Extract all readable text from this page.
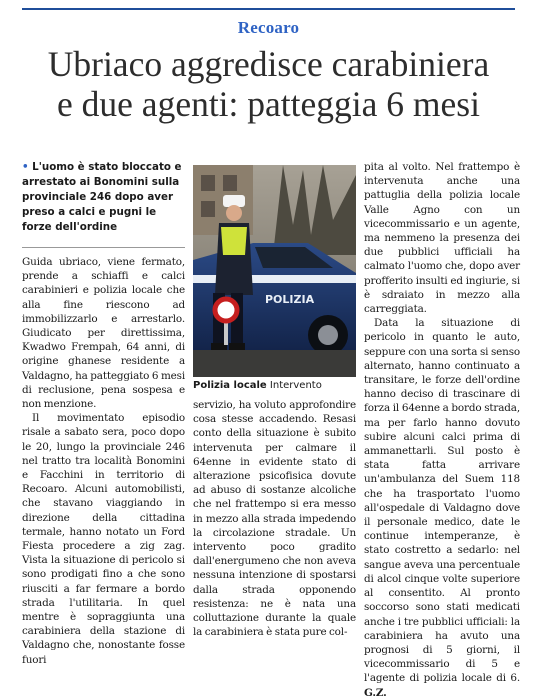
Recoaro
Ubriaco aggredisce carabiniera
e due agenti: patteggia 6 mesi
• L'uomo è stato bloccato e arrestato ai Bonomini sulla provinciale 246 dopo aver preso a calci e pugni le forze dell'ordine
POLIZIA
Polizia locale Intervento

Guida ubriaco, viene fermato, prende a schiaffi e calci carabinieri e polizia locale che alla fine riescono ad immobilizzarlo e arrestarlo. Giudicato per direttissima, Kwadwo Frempah, 64 anni, di origine ghanese residente a Valdagno, ha patteggiato 6 mesi di reclusione, pena sospesa e non menzione.

Il movimentato episodio risale a sabato sera, poco dopo le 20, lungo la provinciale 246 nel tratto tra località Bonomini e Facchini in territorio di Recoaro. Alcuni automobilisti, che stavano viaggiando in direzione della cittadina termale, hanno notato un Ford Fiesta procedere a zig zag. Vista la situazione di pericolo si sono prodigati fino a che sono riusciti a far fermare a bordo strada l'utilitaria. In quel mentre è sopraggiunta una carabiniera della stazione di Valdagno che, nonostante fosse fuori

servizio, ha voluto approfondire cosa stesse accadendo. Resasi conto della situazione è subito intervenuta per calmare il 64enne in evidente stato di alterazione psicofisica dovute ad abuso di sostanze alcoliche che nel frattempo si era messo in mezzo alla strada impedendo la circolazione stradale. Un intervento poco gradito dall'energumeno che non aveva nessuna intenzione di spostarsi dalla strada opponendo resistenza: ne è nata una colluttazione durante la quale la carabiniera è stata pure col-

pita al volto. Nel frattempo è intervenuta anche una pattuglia della polizia locale Valle Agno con un vicecommissario e un agente, ma nemmeno la presenza dei due pubblici ufficiali ha calmato l'uomo che, dopo aver profferito insulti ed ingiurie, si è sdraiato in mezzo alla carreggiata.

Data la situazione di pericolo in quanto le auto, seppure con una sorta si senso alternato, hanno continuato a transitare, le forze dell'ordine hanno deciso di trascinare di forza il 64enne a bordo strada, ma per farlo hanno dovuto subire alcuni calci prima di ammanettarli. Sul posto è stata fatta arrivare un'ambulanza del Suem 118 che ha trasportato l'uomo all'ospedale di Valdagno dove il personale medico, date le continue intemperanze, è stato costretto a sedarlo: nel sangue aveva una percentuale di alcol cinque volte superiore al consentito. Al pronto soccorso sono stati medicati anche i tre pubblici ufficiali: la carabiniera ha avuto una prognosi di 5 giorni, il vicecommissario di 5 e l'agente di polizia locale di 6. G.Z.
